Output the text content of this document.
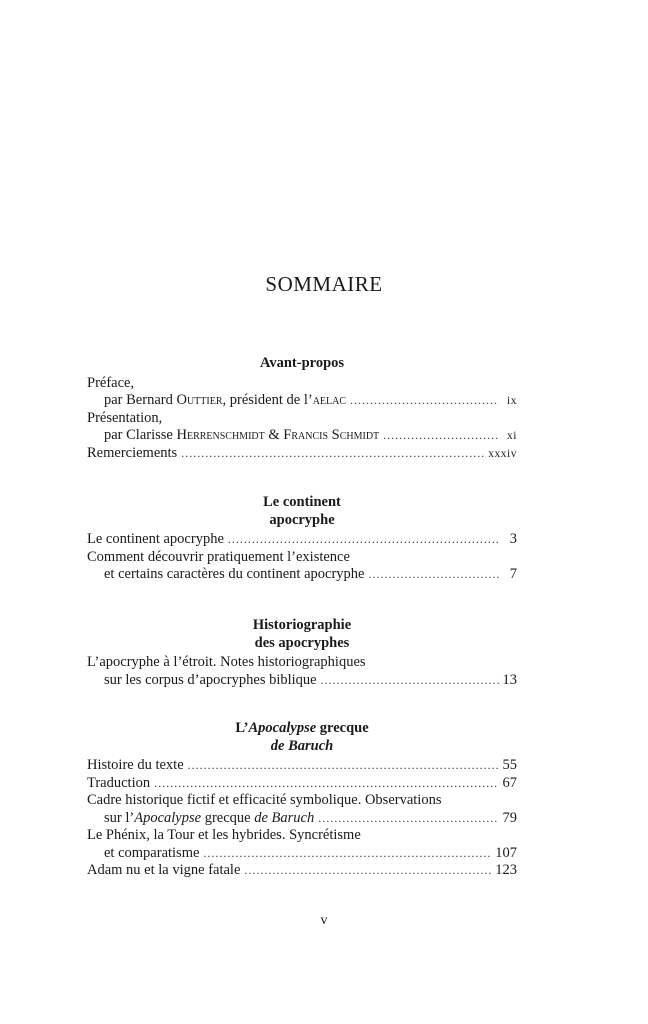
SOMMAIRE
Avant-propos
Préface,
par Bernard Outtier, président de l’aelac .....	ix
Présentation,
par Clarisse Herrenschmidt & Francis Schmidt .....	xi
Remerciements .....	xxxiv
Le continent
apocryphe
Le continent apocryphe .....	3
Comment découvrir pratiquement l’existence
et certains caractères du continent apocryphe .....	7
Historiographie
des apocryphes
L’apocryphe à l’étroit. Notes historiographiques
sur les corpus d’apocryphes biblique .....	13
L’Apocalypse grecque
de Baruch
Histoire du texte .....	55
Traduction .....	67
Cadre historique fictif et efficacité symbolique. Observations
sur l’Apocalypse grecque de Baruch .....	79
Le Phénix, la Tour et les hybrides. Syncrétisme
et comparatisme .....	107
Adam nu et la vigne fatale .....	123
v
